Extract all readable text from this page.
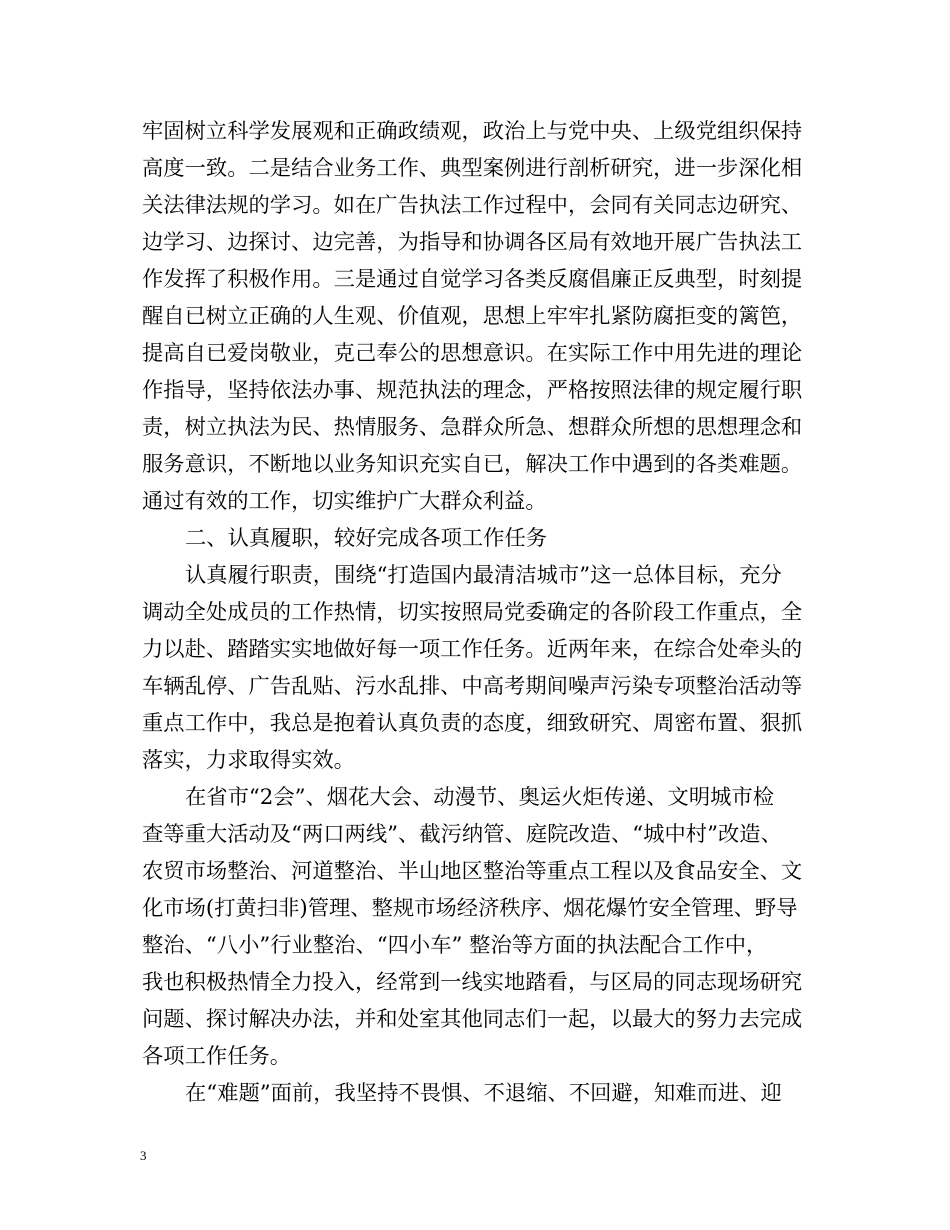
牢固树立科学发展观和正确政绩观，政治上与党中央、上级党组织保持
高度一致。二是结合业务工作、典型案例进行剖析研究，进一步深化相
关法律法规的学习。如在广告执法工作过程中，会同有关同志边研究、
边学习、边探讨、边完善，为指导和协调各区局有效地开展广告执法工
作发挥了积极作用。三是通过自觉学习各类反腐倡廉正反典型，时刻提
醒自已树立正确的人生观、价值观，思想上牢牢扎紧防腐拒变的篱笆，
提高自已爱岗敬业，克己奉公的思想意识。在实际工作中用先进的理论
作指导，坚持依法办事、规范执法的理念，严格按照法律的规定履行职
责，树立执法为民、热情服务、急群众所急、想群众所想的思想理念和
服务意识，不断地以业务知识充实自已，解决工作中遇到的各类难题。
通过有效的工作，切实维护广大群众利益。
二、认真履职，较好完成各项工作任务
认真履行职责，围绕“打造国内最清洁城市”这一总体目标，充分
调动全处成员的工作热情，切实按照局党委确定的各阶段工作重点，全
力以赴、踏踏实实地做好每一项工作任务。近两年来，在综合处牵头的
车辆乱停、广告乱贴、污水乱排、中高考期间噪声污染专项整治活动等
重点工作中，我总是抱着认真负责的态度，细致研究、周密布置、狠抓
落实，力求取得实效。
在省市“2会”、烟花大会、动漫节、奥运火炬传递、文明城市检
查等重大活动及“两口两线”、截污纳管、庭院改造、“城中村”改造、
农贸市场整治、河道整治、半山地区整治等重点工程以及食品安全、文
化市场(打黄扫非)管理、整规市场经济秩序、烟花爆竹安全管理、野导
整治、“八小”行业整治、“四小车” 整治等方面的执法配合工作中，
我也积极热情全力投入，经常到一线实地踏看，与区局的同志现场研究
问题、探讨解决办法，并和处室其他同志们一起，以最大的努力去完成
各项工作任务。
在“难题”面前，我坚持不畏惧、不退缩、不回避，知难而进、迎
3
